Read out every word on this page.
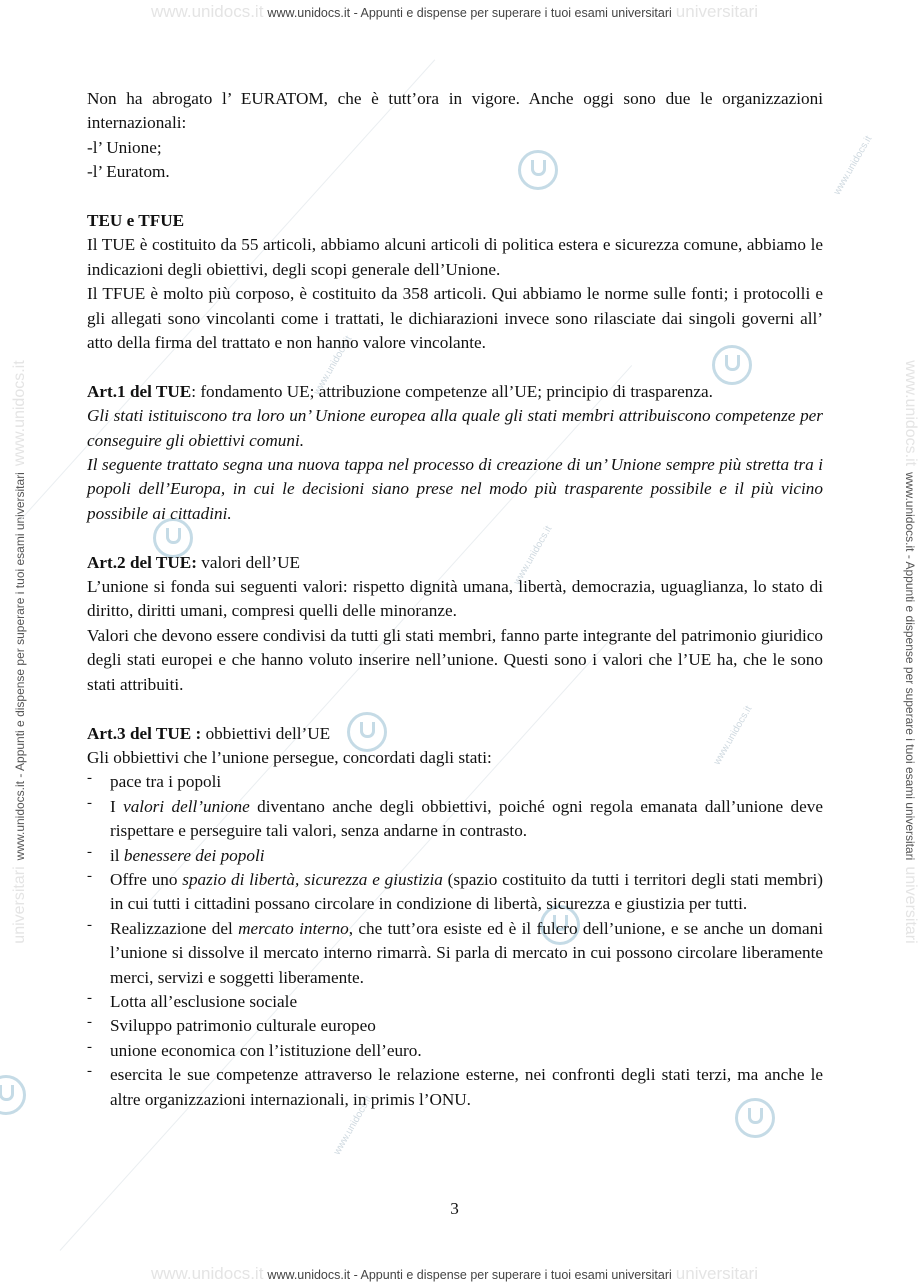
www.unidocs.it www.unidocs.it - Appunti e dispense per superare i tuoi esami universitari universitari
www.unidocs.it www.unidocs.it - Appunti e dispense per superare i tuoi esami universitari universitari
universitariwww.unidocs.it - Appunti e dispense per superare i tuoi esami universitariwww.unidocs.it	www.unidocs.itwww.unidocs.it - Appunti e dispense per superare i tuoi esami universitariuniversitari
www.unidocs.it
www.unidocs.it
www.unidocs.it
www.unidocs.it
www.unidocs.it

Non ha abrogato l’ EURATOM, che è tutt’ora in vigore. Anche oggi sono due le organizzazioni internazionali:

-l’ Unione;

-l’ Euratom.

TEU e TFUE

Il TUE è costituito da 55 articoli, abbiamo alcuni articoli di politica estera e sicurezza comune, abbiamo le indicazioni degli obiettivi, degli scopi generale dell’Unione.

Il TFUE è molto più corposo, è costituito da 358 articoli. Qui abbiamo le norme sulle fonti; i protocolli e gli allegati sono vincolanti come i trattati, le dichiarazioni invece sono rilasciate dai singoli governi all’ atto della firma del trattato e non hanno valore vincolante.

Art.1 del TUE: fondamento UE; attribuzione competenze all’UE; principio di trasparenza.

Gli stati istituiscono tra loro un’ Unione europea alla quale gli stati membri attribuiscono competenze per conseguire gli obiettivi comuni.

Il seguente trattato segna una nuova tappa nel processo di creazione di un’ Unione sempre più stretta tra i popoli dell’Europa, in cui le decisioni siano prese nel modo più trasparente possibile e il più vicino possibile ai cittadini.

Art.2 del TUE: valori dell’UE

L’unione si fonda sui seguenti valori: rispetto dignità umana, libertà, democrazia, uguaglianza, lo stato di diritto, diritti umani, compresi quelli delle minoranze.

Valori che devono essere condivisi da tutti gli stati membri, fanno parte integrante del patrimonio giuridico degli stati europei e che hanno voluto inserire nell’unione. Questi sono i valori che l’UE ha, che le sono stati attribuiti.

Art.3 del TUE : obbiettivi dell’UE

Gli obbiettivi che l’unione persegue, concordati dagli stati:

- pace tra i popoli
- I valori dell’unione diventano anche degli obbiettivi, poiché ogni regola emanata dall’unione deve rispettare e perseguire tali valori, senza andarne in contrasto.
- il benessere dei popoli
- Offre uno spazio di libertà, sicurezza e giustizia (spazio costituito da tutti i territori degli stati membri) in cui tutti i cittadini possano circolare in condizione di libertà, sicurezza e giustizia per tutti.
- Realizzazione del mercato interno, che tutt’ora esiste ed è il fulcro dell’unione, e se anche un domani l’unione si dissolve il mercato interno rimarrà. Si parla di mercato in cui possono circolare liberamente merci, servizi e soggetti liberamente.
- Lotta all’esclusione sociale
- Sviluppo patrimonio culturale europeo
- unione economica con l’istituzione dell’euro.
- esercita le sue competenze attraverso le relazione esterne, nei confronti degli stati terzi, ma anche le altre organizzazioni internazionali, in primis l’ONU.
3
